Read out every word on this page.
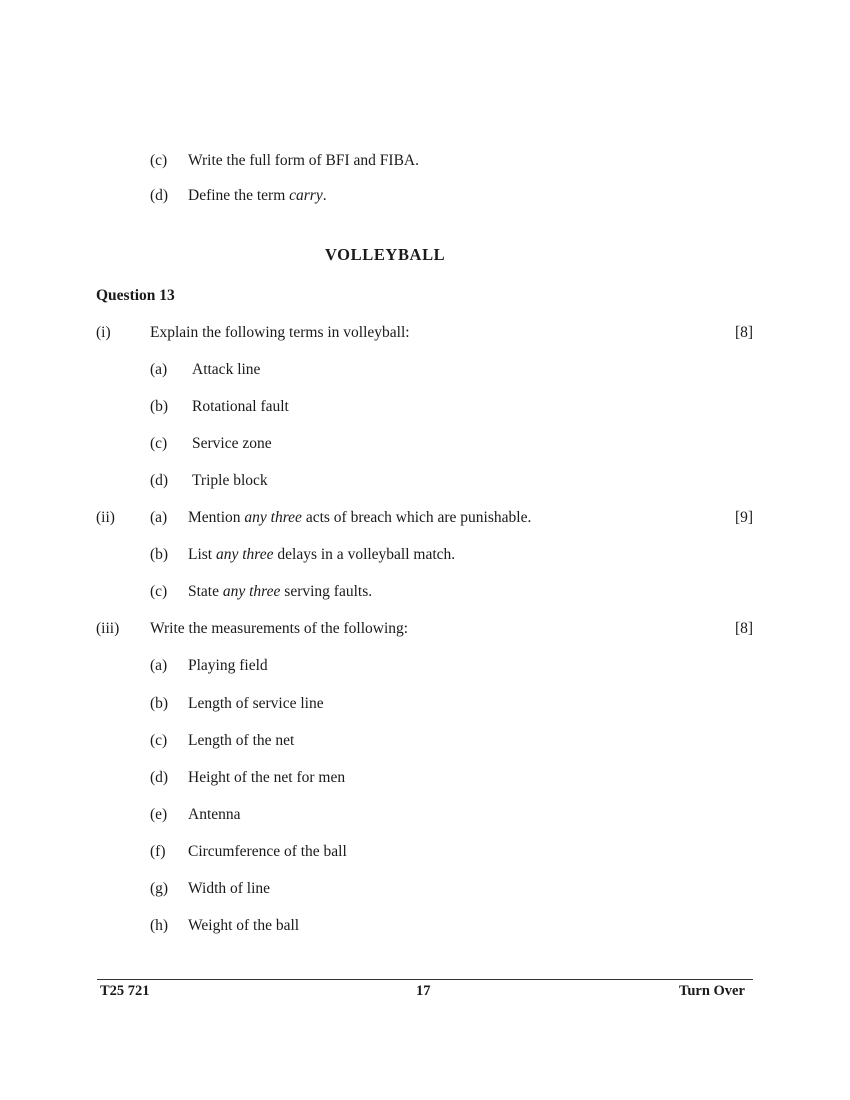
(c) Write the full form of BFI and FIBA.
(d) Define the term carry.
VOLLEYBALL
Question 13
(i)	Explain the following terms in volleyball:	[8]
(a) Attack line
(b) Rotational fault
(c) Service zone
(d) Triple block
(ii)	[9]
(a) Mention any three acts of breach which are punishable.
(b) List any three delays in a volleyball match.
(c) State any three serving faults.
(iii) Write the measurements of the following:	[8]
(a) Playing field
(b) Length of service line
(c) Length of the net
(d) Height of the net for men
(e) Antenna
(f) Circumference of the ball
(g) Width of line
(h) Weight of the ball
T25 721	17	Turn Over
